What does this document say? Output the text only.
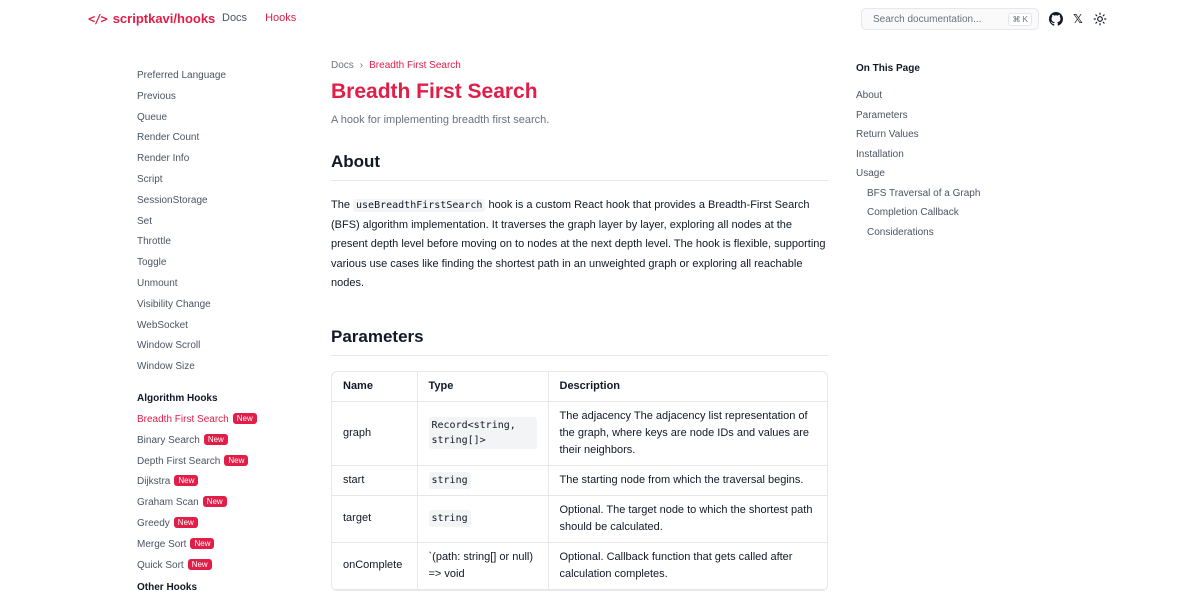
</> scriptkavi/hooks Docs Hooks	Search documentation...	⌘ K	𝕏
Preferred Language
Previous
Queue
Render Count
Render Info
Script
SessionStorage
Set
Throttle
Toggle
Unmount
Visibility Change
WebSocket
Window Scroll
Window Size
Algorithm Hooks
Breadth First Search New
Binary Search New
Depth First Search New
Dijkstra New
Graham Scan New
Greedy New
Merge Sort New
Quick Sort New
Other Hooks
Docs › Breadth First Search
Breadth First Search

A hook for implementing breadth first search.

About

The useBreadthFirstSearch hook is a custom React hook that provides a Breadth-First Search (BFS) algorithm implementation. It traverses the graph layer by layer, exploring all nodes at the present depth level before moving on to nodes at the next depth level. The hook is flexible, supporting various use cases like finding the shortest path in an unweighted graph or exploring all reachable nodes.

Parameters
Name	Type	Description
graph	Record<string, string[]>	The adjacency The adjacency list representation of the graph, where keys are node IDs and values are their neighbors.
start	string	The starting node from which the traversal begins.
target	string	Optional. The target node to which the shortest path should be calculated.
onComplete	`(path: string[] or null) => void	Optional. Callback function that gets called after calculation completes.
On This Page
About
Parameters
Return Values
Installation
Usage
BFS Traversal of a Graph
Completion Callback
Considerations
